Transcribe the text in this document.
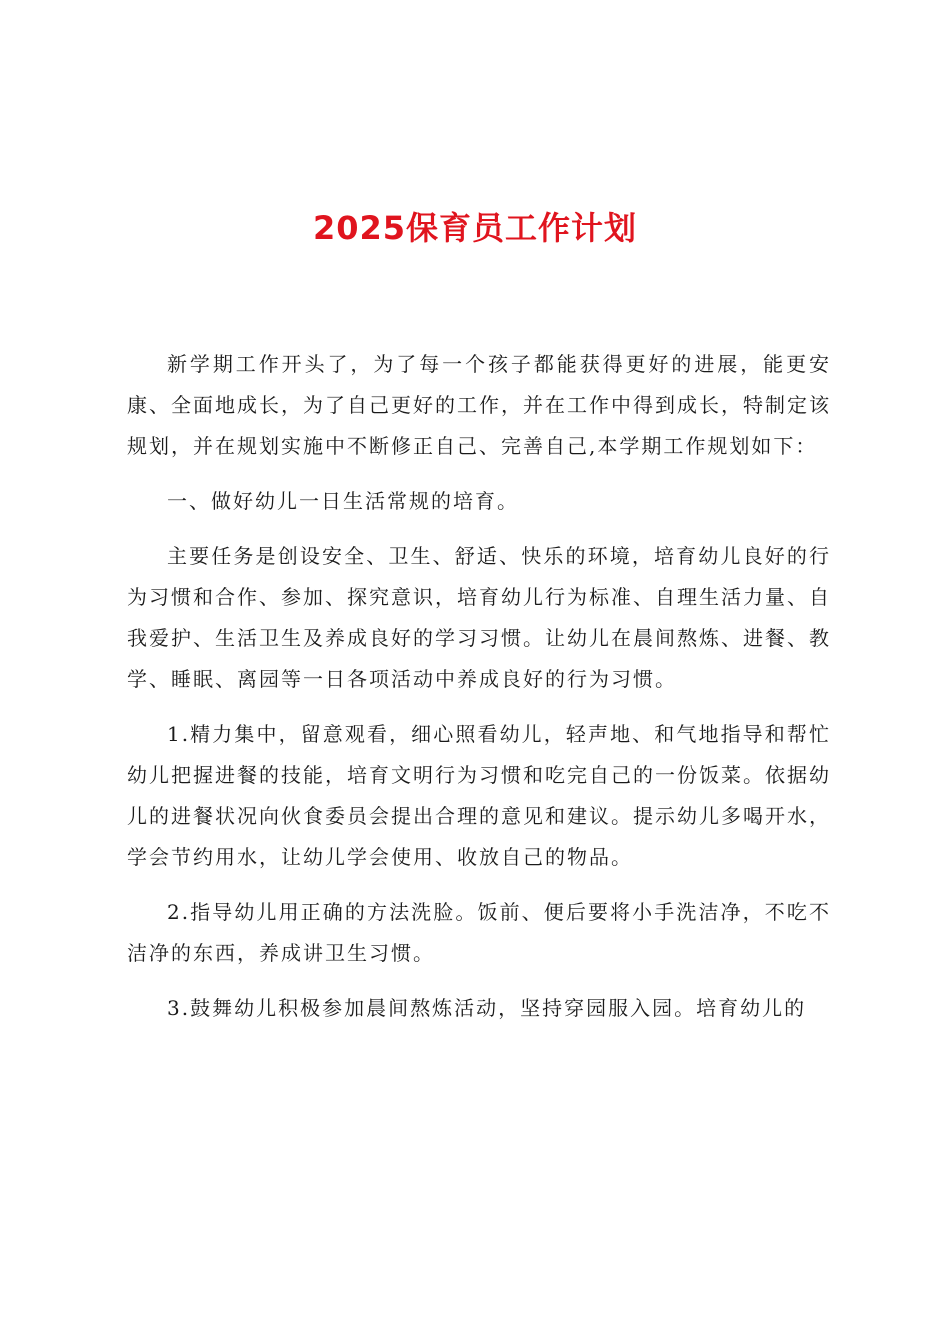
2025保育员工作计划

新学期工作开头了，为了每一个孩子都能获得更好的进展，能更安康、全面地成长，为了自己更好的工作，并在工作中得到成长，特制定该规划，并在规划实施中不断修正自己、完善自己,本学期工作规划如下：

一、做好幼儿一日生活常规的培育。

主要任务是创设安全、卫生、舒适、快乐的环境，培育幼儿良好的行为习惯和合作、参加、探究意识，培育幼儿行为标准、自理生活力量、自我爱护、生活卫生及养成良好的学习习惯。让幼儿在晨间熬炼、进餐、教学、睡眠、离园等一日各项活动中养成良好的行为习惯。

1.精力集中，留意观看，细心照看幼儿，轻声地、和气地指导和帮忙幼儿把握进餐的技能，培育文明行为习惯和吃完自己的一份饭菜。依据幼儿的进餐状况向伙食委员会提出合理的意见和建议。提示幼儿多喝开水，学会节约用水，让幼儿学会使用、收放自己的物品。

2.指导幼儿用正确的方法洗脸。饭前、便后要将小手洗洁净，不吃不洁净的东西，养成讲卫生习惯。

3.鼓舞幼儿积极参加晨间熬炼活动，坚持穿园服入园。培育幼儿的
